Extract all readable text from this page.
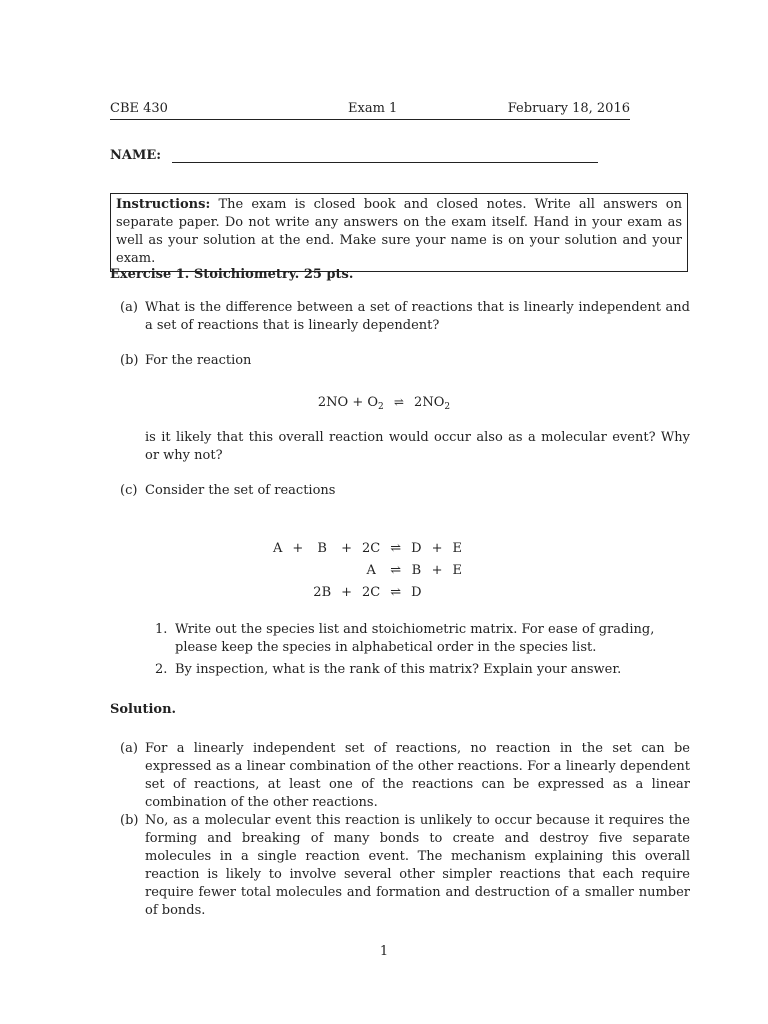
CBE 430	Exam 1	February 18, 2016
NAME:
Instructions: The exam is closed book and closed notes. Write all answers on separate paper. Do not write any answers on the exam itself. Hand in your exam as well as your solution at the end. Make sure your name is on your solution and your exam.
Exercise 1. Stoichiometry. 25 pts.
(a) What is the difference between a set of reactions that is linearly independent and a set of reactions that is linearly dependent?
(b) For the reaction
$2NO + O_2$ ⇌ $2NO_2$
is it likely that this overall reaction would occur also as a molecular event? Why or why not?
(c) Consider the set of reactions
A	+	B	+	2C	⇌	D	+	E
				A	⇌	B	+	E
		2B	+	2C	⇌	D		
1. Write out the species list and stoichiometric matrix. For ease of grading, please keep the species in alphabetical order in the species list.
2. By inspection, what is the rank of this matrix? Explain your answer.
Solution.
(a) For a linearly independent set of reactions, no reaction in the set can be expressed as a linear combination of the other reactions. For a linearly dependent set of reactions, at least one of the reactions can be expressed as a linear combination of the other reactions.
(b) No, as a molecular event this reaction is unlikely to occur because it requires the forming and breaking of many bonds to create and destroy five separate molecules in a single reaction event. The mechanism explaining this overall reaction is likely to involve several other simpler reactions that each require require fewer total molecules and formation and destruction of a smaller number of bonds.
1
